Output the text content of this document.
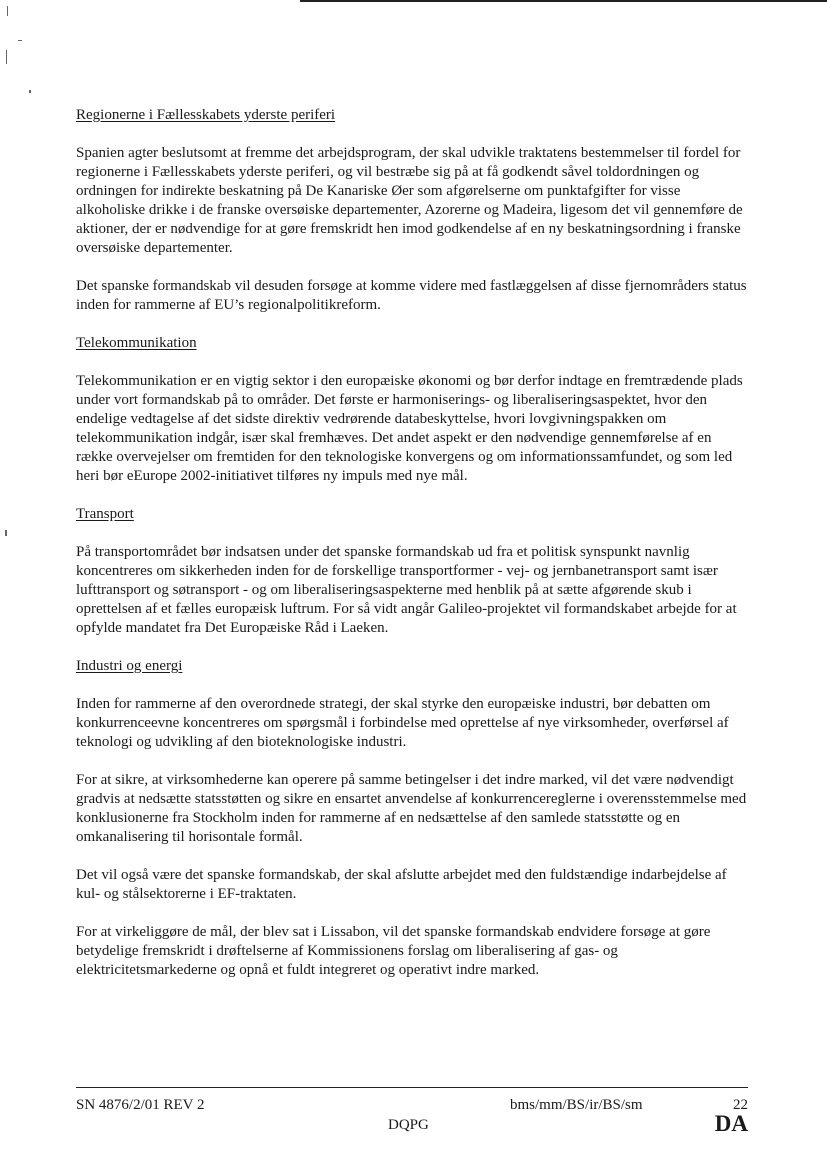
Regionerne i Fællesskabets yderste periferi

Spanien agter beslutsomt at fremme det arbejdsprogram, der skal udvikle traktatens bestemmelser til fordel for regionerne i Fællesskabets yderste periferi, og vil bestræbe sig på at få godkendt såvel toldordningen og ordningen for indirekte beskatning på De Kanariske Øer som afgørelserne om punktafgifter for visse alkoholiske drikke i de franske oversøiske departementer, Azorerne og Madeira, ligesom det vil gennemføre de aktioner, der er nødvendige for at gøre fremskridt hen imod godkendelse af en ny beskatningsordning i franske oversøiske departementer.

Det spanske formandskab vil desuden forsøge at komme videre med fastlæggelsen af disse fjernområders status inden for rammerne af EU’s regionalpolitikreform.

Telekommunikation

Telekommunikation er en vigtig sektor i den europæiske økonomi og bør derfor indtage en fremtrædende plads under vort formandskab på to områder. Det første er harmoniserings- og liberaliseringsaspektet, hvor den endelige vedtagelse af det sidste direktiv vedrørende databeskyttelse, hvori lovgivningspakken om telekommunikation indgår, især skal fremhæves. Det andet aspekt er den nødvendige gennemførelse af en række overvejelser om fremtiden for den teknologiske konvergens og om informationssamfundet, og som led heri bør eEurope 2002-initiativet tilføres ny impuls med nye mål.

Transport

På transportområdet bør indsatsen under det spanske formandskab ud fra et politisk synspunkt navnlig koncentreres om sikkerheden inden for de forskellige transportformer - vej- og jernbanetransport samt især lufttransport og søtransport - og om liberaliseringsaspekterne med henblik på at sætte afgørende skub i oprettelsen af et fælles europæisk luftrum. For så vidt angår Galileo-projektet vil formandskabet arbejde for at opfylde mandatet fra Det Europæiske Råd i Laeken.

Industri og energi

Inden for rammerne af den overordnede strategi, der skal styrke den europæiske industri, bør debatten om konkurrenceevne koncentreres om spørgsmål i forbindelse med oprettelse af nye virksomheder, overførsel af teknologi og udvikling af den bioteknologiske industri.

For at sikre, at virksomhederne kan operere på samme betingelser i det indre marked, vil det være nødvendigt gradvis at nedsætte statsstøtten og sikre en ensartet anvendelse af konkurrencereglerne i overensstemmelse med konklusionerne fra Stockholm inden for rammerne af en nedsættelse af den samlede statsstøtte og en omkanalisering til horisontale formål.

Det vil også være det spanske formandskab, der skal afslutte arbejdet med den fuldstændige indarbejdelse af kul- og stålsektorerne i EF-traktaten.

For at virkeliggøre de mål, der blev sat i Lissabon, vil det spanske formandskab endvidere forsøge at gøre betydelige fremskridt i drøftelserne af Kommissionens forslag om liberalisering af gas- og elektricitetsmarkederne og opnå et fuldt integreret og operativt indre marked.

SN 4876/2/01 REV 2	bms/mm/BS/ir/BS/sm	22
DQPG	DA
